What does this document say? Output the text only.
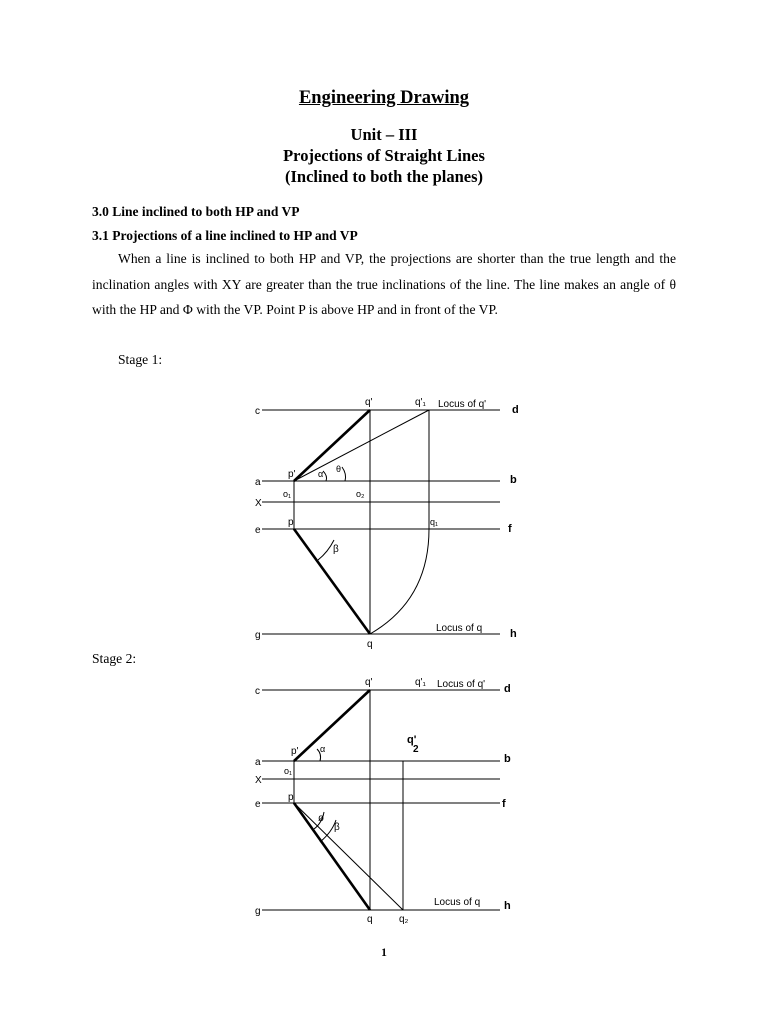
Engineering Drawing
Unit – III
Projections of Straight Lines
(Inclined to both the planes)
3.0 Line inclined to both HP and VP
3.1 Projections of a line inclined to HP and VP
When a line is inclined to both HP and VP, the projections are shorter than the true length and the inclination angles with XY are greater than the true inclinations of the line. The line makes an angle of θ with the HP and Φ with the VP. Point P is above HP and in front of the VP.
Stage 1:
Stage 2:
c	d
a	b
X
e	f
g	h
q'	q'₁ Locus of q'
p'	α θ
o₁	o₂
p	q₁
β
Locus of q
q
c	d
a	b
X
e	f
g	h
q'	q'₁ Locus of q'
q'
2
p' α
o₁
p
ø
β
Locus of q
q	q₂
1
